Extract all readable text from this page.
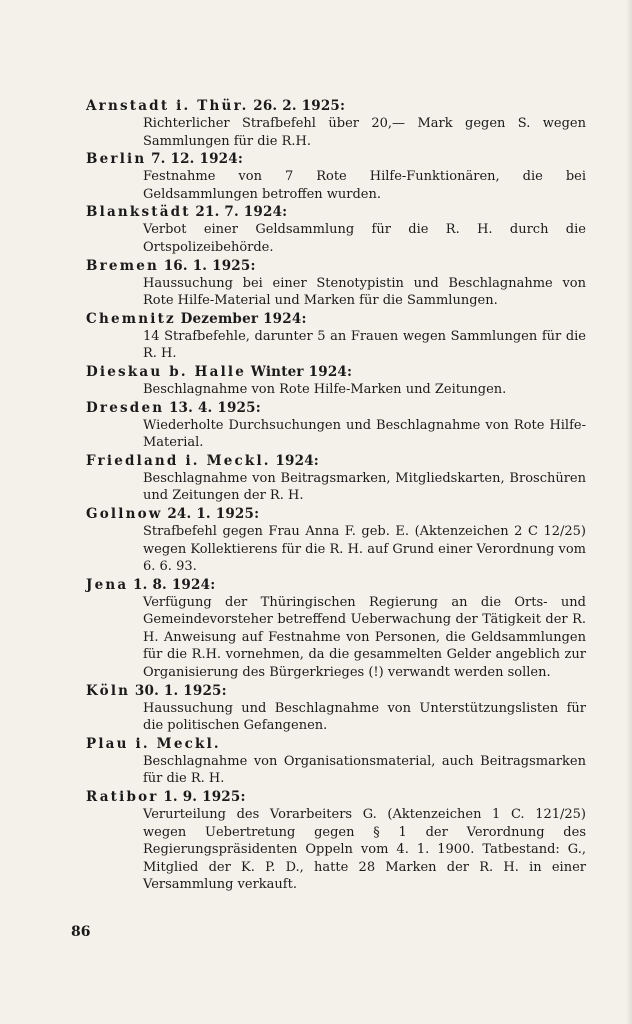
Arnstadt i. Thür. 26. 2. 1925:
Richterlicher Strafbefehl über 20,— Mark gegen S. wegen Sammlungen für die R.H.
Berlin 7. 12. 1924:
Festnahme von 7 Rote Hilfe-Funktionären, die bei Geldsammlungen betroffen wurden.
Blankstädt 21. 7. 1924:
Verbot einer Geldsammlung für die R. H. durch die Ortspolizeibehörde.
Bremen 16. 1. 1925:
Haussuchung bei einer Stenotypistin und Beschlagnahme von Rote Hilfe-Material und Marken für die Sammlungen.
Chemnitz Dezember 1924:
14 Strafbefehle, darunter 5 an Frauen wegen Sammlungen für die R. H.
Dieskau b. Halle Winter 1924:
Beschlagnahme von Rote Hilfe-Marken und Zeitungen.
Dresden 13. 4. 1925:
Wiederholte Durchsuchungen und Beschlagnahme von Rote Hilfe-Material.
Friedland i. Meckl. 1924:
Beschlagnahme von Beitragsmarken, Mitgliedskarten, Broschüren und Zeitungen der R. H.
Gollnow 24. 1. 1925:
Strafbefehl gegen Frau Anna F. geb. E. (Aktenzeichen 2 C 12/25) wegen Kollektierens für die R. H. auf Grund einer Verordnung vom 6. 6. 93.
Jena 1. 8. 1924:
Verfügung der Thüringischen Regierung an die Orts- und Gemeindevorsteher betreffend Ueberwachung der Tätigkeit der R. H. Anweisung auf Festnahme von Personen, die Geldsammlungen für die R.H. vornehmen, da die gesammelten Gelder angeblich zur Organisierung des Bürgerkrieges (!) verwandt werden sollen.
Köln 30. 1. 1925:
Haussuchung und Beschlagnahme von Unterstützungslisten für die politischen Gefangenen.
Plau i. Meckl.
Beschlagnahme von Organisationsmaterial, auch Beitragsmarken für die R. H.
Ratibor 1. 9. 1925:
Verurteilung des Vorarbeiters G. (Aktenzeichen 1 C. 121/25) wegen Uebertretung gegen § 1 der Verordnung des Regierungspräsidenten Oppeln vom 4. 1. 1900. Tatbestand: G., Mitglied der K. P. D., hatte 28 Marken der R. H. in einer Versammlung verkauft.
86
